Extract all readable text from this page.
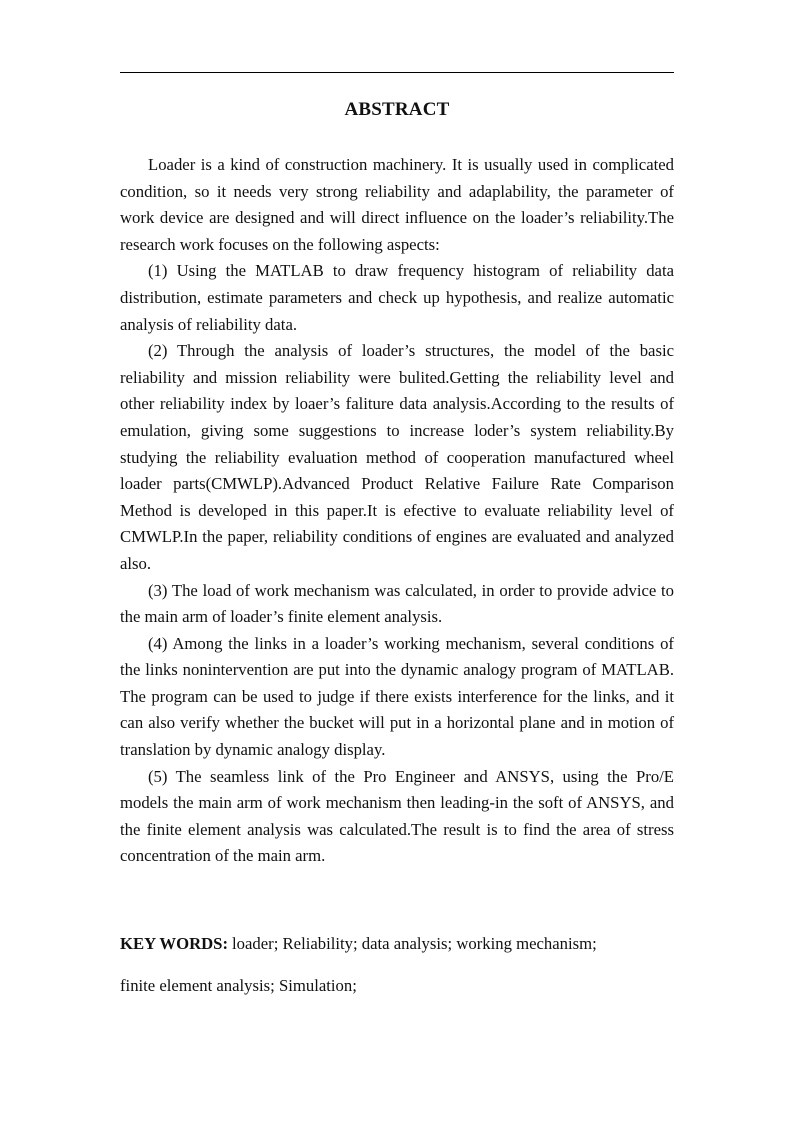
ABSTRACT

Loader is a kind of construction machinery. It is usually used in complicated condition, so it needs very strong reliability and adaplability, the parameter of work device are designed and will direct influence on the loader’s reliability.The research work focuses on the following aspects:

(1) Using the MATLAB to draw frequency histogram of reliability data distribution, estimate parameters and check up hypothesis, and realize automatic analysis of reliability data.

(2) Through the analysis of loader’s structures, the model of the basic reliability and mission reliability were bulited.Getting the reliability level and other reliability index by loaer’s faliture data analysis.According to the results of emulation, giving some suggestions to increase loder’s system reliability.By studying the reliability evaluation method of cooperation manufactured wheel loader parts(CMWLP).Advanced Product Relative Failure Rate Comparison Method is developed in this paper.It is efective to evaluate reliability level of CMWLP.In the paper, reliability conditions of engines are evaluated and analyzed also.

(3) The load of work mechanism was calculated, in order to provide advice to the main arm of loader’s finite element analysis.

(4) Among the links in a loader’s working mechanism, several conditions of the links nonintervention are put into the dynamic analogy program of MATLAB. The program can be used to judge if there exists interference for the links, and it can also verify whether the bucket will put in a horizontal plane and in motion of translation by dynamic analogy display.

(5) The seamless link of the Pro Engineer and ANSYS, using the Pro/E models the main arm of work mechanism then leading-in the soft of ANSYS, and the finite element analysis was calculated.The result is to find the area of stress concentration of the main arm.

KEY WORDS: loader; Reliability; data analysis; working mechanism;
finite element analysis; Simulation;
